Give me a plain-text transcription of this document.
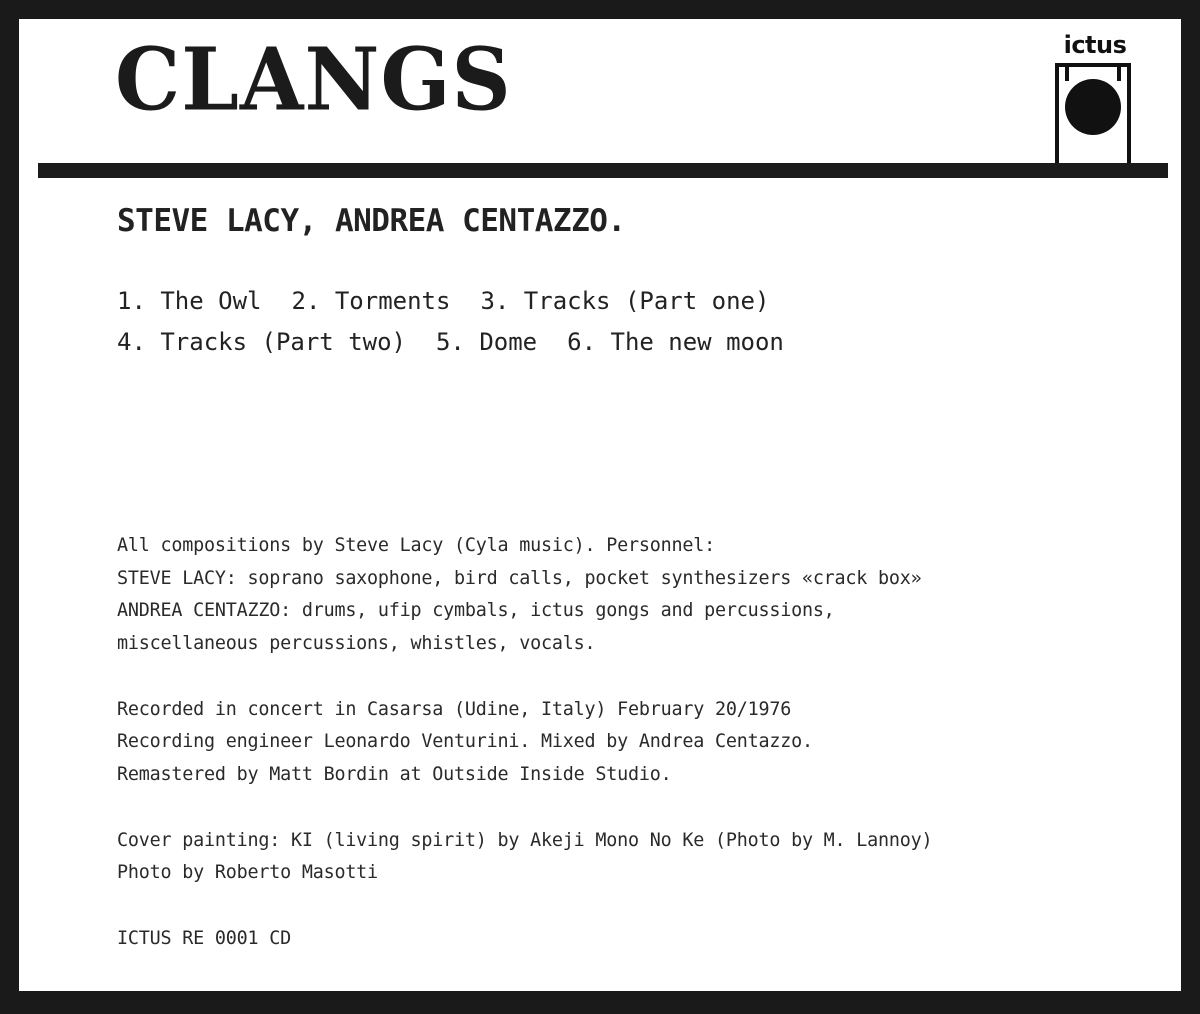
CLANGS	ictus
STEVE LACY, ANDREA CENTAZZO.
1. The Owl 2. Torments 3. Tracks (Part one)
4. Tracks (Part two) 5. Dome 6. The new moon
All compositions by Steve Lacy (Cyla music). Personnel:
STEVE LACY: soprano saxophone, bird calls, pocket synthesizers «crack box»
ANDREA CENTAZZO: drums, ufip cymbals, ictus gongs and percussions,
miscellaneous percussions, whistles, vocals.
Recorded in concert in Casarsa (Udine, Italy) February 20/1976
Recording engineer Leonardo Venturini. Mixed by Andrea Centazzo.
Remastered by Matt Bordin at Outside Inside Studio.
Cover painting: KI (living spirit) by Akeji Mono No Ke (Photo by M. Lannoy)
Photo by Roberto Masotti
ICTUS RE 0001 CD
